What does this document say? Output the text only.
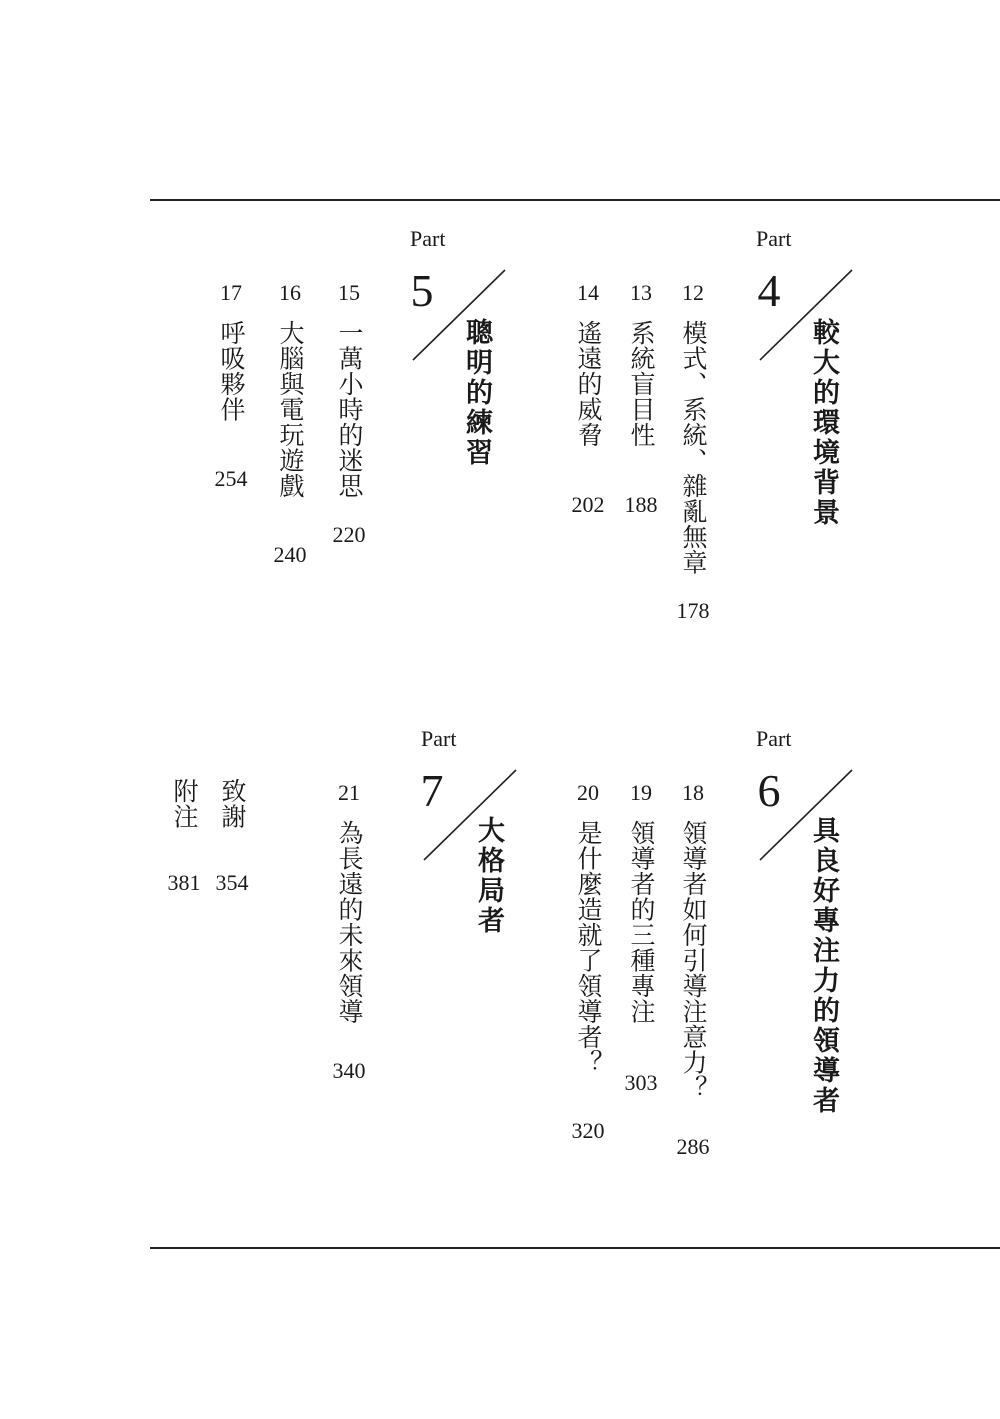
Part
4
較大的環境背景
12
模式、系統、雜亂無章
178
13
系統盲目性
188
14
遙遠的威脅
202
Part
5
聰明的練習
15
一萬小時的迷思
220
16
大腦與電玩遊戲
240
17
呼吸夥伴
254
Part
6
具良好專注力的領導者
18
領導者如何引導注意力？
286
19
領導者的三種專注
303
20
是什麼造就了領導者？
320
Part
7
大格局者
21
為長遠的未來領導
340
致謝
354
附注
381
